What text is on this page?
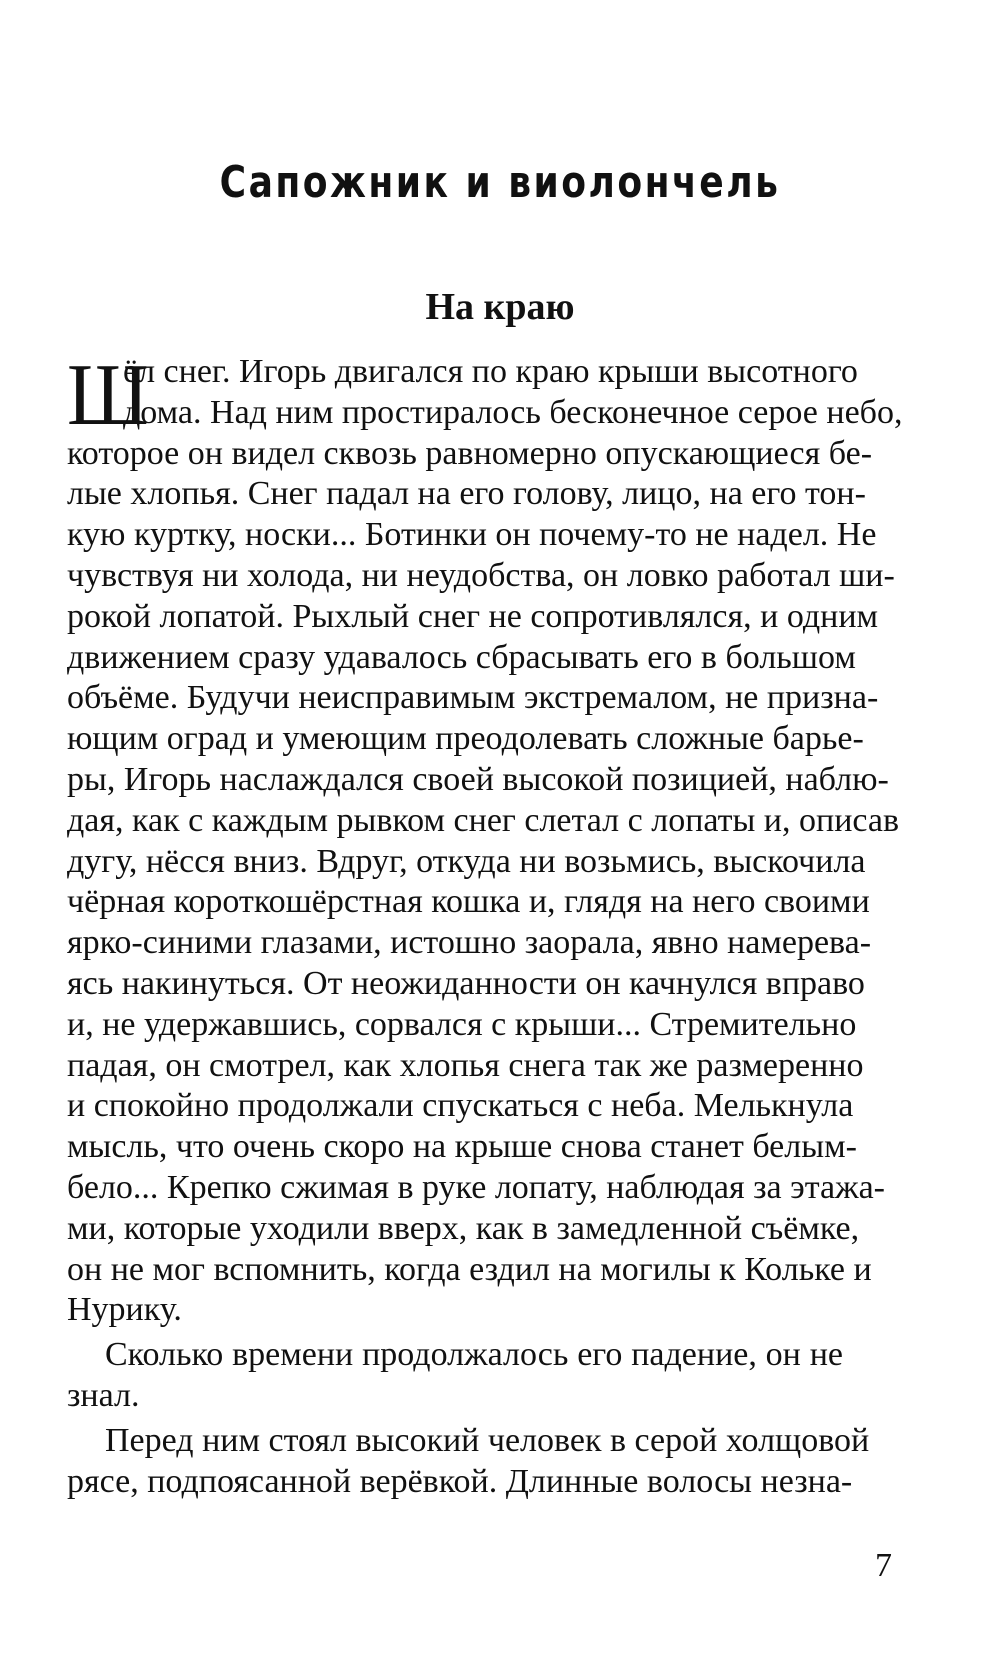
Сапожник и виолончель
На краю
Ш
ёл снег. Игорь двигался по краю крыши высотного
дома. Над ним простиралось бесконечное серое небо,
которое он видел сквозь равномерно опускающиеся бе-
лые хлопья. Снег падал на его голову, лицо, на его тон-
кую куртку, носки... Ботинки он почему-то не надел. Не
чувствуя ни холода, ни неудобства, он ловко работал ши-
рокой лопатой. Рыхлый снег не сопротивлялся, и одним
движением сразу удавалось сбрасывать его в большом
объёме. Будучи неисправимым экстремалом, не призна-
ющим оград и умеющим преодолевать сложные барье-
ры, Игорь наслаждался своей высокой позицией, наблю-
дая, как с каждым рывком снег слетал с лопаты и, описав
дугу, нёсся вниз. Вдруг, откуда ни возьмись, выскочила
чёрная короткошёрстная кошка и, глядя на него своими
ярко-синими глазами, истошно заорала, явно намерева-
ясь накинуться. От неожиданности он качнулся вправо
и, не удержавшись, сорвался с крыши... Стремительно
падая, он смотрел, как хлопья снега так же размеренно
и спокойно продолжали спускаться с неба. Мелькнула
мысль, что очень скоро на крыше снова станет белым-
бело... Крепко сжимая в руке лопату, наблюдая за этажа-
ми, которые уходили вверх, как в замедленной съёмке,
он не мог вспомнить, когда ездил на могилы к Кольке и
Нурику.
Сколько времени продолжалось его падение, он не
знал.
Перед ним стоял высокий человек в серой холщовой
рясе, подпоясанной верёвкой. Длинные волосы незна-
7
